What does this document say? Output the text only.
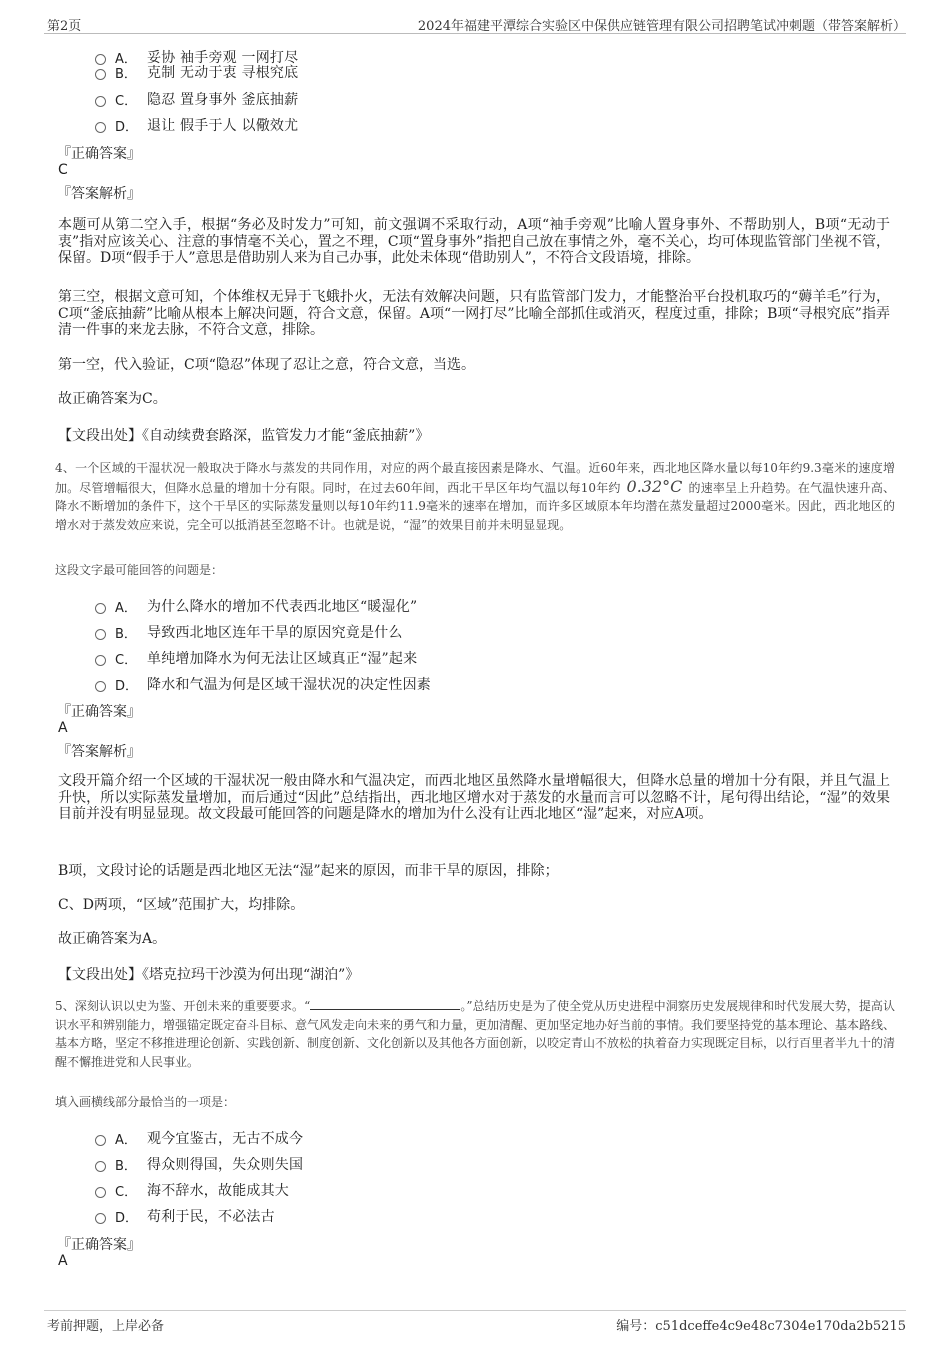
第2页	2024年福建平潭综合实验区中保供应链管理有限公司招聘笔试冲刺题（带答案解析）
A． 妥协 袖手旁观 一网打尽
B． 克制 无动于衷 寻根究底
C． 隐忍 置身事外 釜底抽薪
D． 退让 假手于人 以儆效尤
『正确答案』
C
『答案解析』

本题可从第二空入手，根据“务必及时发力”可知，前文强调不采取行动，A项“袖手旁观”比喻人置身事外、不帮助别人，B项“无动于衷”指对应该关心、注意的事情毫不关心，置之不理，C项“置身事外”指把自己放在事情之外，毫不关心，均可体现监管部门坐视不管，保留。D项“假手于人”意思是借助别人来为自己办事，此处未体现“借助别人”，不符合文段语境，排除。

第三空，根据文意可知，个体维权无异于飞蛾扑火，无法有效解决问题，只有监管部门发力，才能整治平台投机取巧的“薅羊毛”行为，C项“釜底抽薪”比喻从根本上解决问题，符合文意，保留。A项“一网打尽”比喻全部抓住或消灭，程度过重，排除；B项“寻根究底”指弄清一件事的来龙去脉，不符合文意，排除。

第一空，代入验证，C项“隐忍”体现了忍让之意，符合文意，当选。

故正确答案为C。

【文段出处】《自动续费套路深，监管发力才能“釜底抽薪”》

4、一个区域的干湿状况一般取决于降水与蒸发的共同作用，对应的两个最直接因素是降水、气温。近60年来，西北地区降水量以每10年约9.3毫米的速度增加。尽管增幅很大，但降水总量的增加十分有限。同时，在过去60年间，西北干旱区年均气温以每10年约 0.32°C 的速率呈上升趋势。在气温快速升高、降水不断增加的条件下，这个干旱区的实际蒸发量则以每10年约11.9毫米的速率在增加，而许多区域原本年均潜在蒸发量超过2000毫米。因此，西北地区的增水对于蒸发效应来说，完全可以抵消甚至忽略不计。也就是说，“湿”的效果目前并未明显显现。

这段文字最可能回答的问题是：
A． 为什么降水的增加不代表西北地区“暖湿化”
B． 导致西北地区连年干旱的原因究竟是什么
C． 单纯增加降水为何无法让区域真正“湿”起来
D． 降水和气温为何是区域干湿状况的决定性因素
『正确答案』
A
『答案解析』

文段开篇介绍一个区域的干湿状况一般由降水和气温决定，而西北地区虽然降水量增幅很大，但降水总量的增加十分有限，并且气温上升快，所以实际蒸发量增加，而后通过“因此”总结指出，西北地区增水对于蒸发的水量而言可以忽略不计，尾句得出结论，“湿”的效果目前并没有明显显现。故文段最可能回答的问题是降水的增加为什么没有让西北地区“湿”起来，对应A项。

B项，文段讨论的话题是西北地区无法“湿”起来的原因，而非干旱的原因，排除；

C、D两项，“区域”范围扩大，均排除。

故正确答案为A。

【文段出处】《塔克拉玛干沙漠为何出现“湖泊”》

5、深刻认识以史为鉴、开创未来的重要要求。“	。”总结历史是为了使全党从历史进程中洞察历史发展规律和时代发展大势，提高认识水平和辨别能力，增强锚定既定奋斗目标、意气风发走向未来的勇气和力量，更加清醒、更加坚定地办好当前的事情。我们要坚持党的基本理论、基本路线、基本方略，坚定不移推进理论创新、实践创新、制度创新、文化创新以及其他各方面创新，以咬定青山不放松的执着奋力实现既定目标，以行百里者半九十的清醒不懈推进党和人民事业。

填入画横线部分最恰当的一项是：
A． 观今宜鉴古，无古不成今
B． 得众则得国，失众则失国
C． 海不辞水，故能成其大
D． 苟利于民，不必法古
『正确答案』
A
考前押题，上岸必备	编号：c51dceffe4c9e48c7304e170da2b5215
